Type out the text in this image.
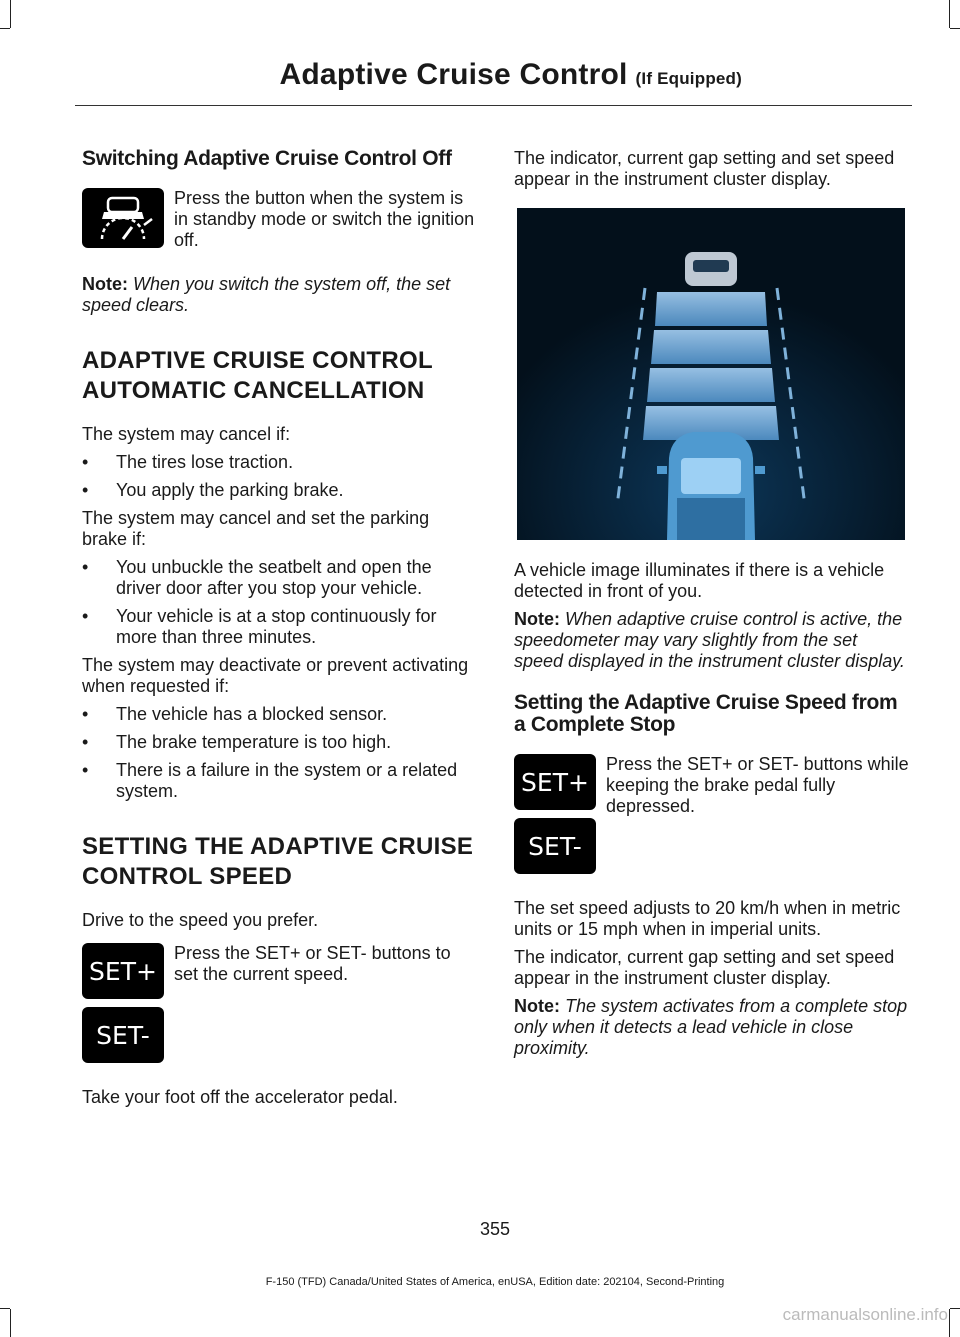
Adaptive Cruise Control (If Equipped)
Switching Adaptive Cruise Control Off

Press the button when the system is in standby mode or switch the ignition off.

Note: When you switch the system off, the set speed clears.

ADAPTIVE CRUISE CONTROL AUTOMATIC CANCELLATION

The system may cancel if:

• The tires lose traction.
• You apply the parking brake.

The system may cancel and set the parking brake if:

• You unbuckle the seatbelt and open the driver door after you stop your vehicle.
• Your vehicle is at a stop continuously for more than three minutes.

The system may deactivate or prevent activating when requested if:

• The vehicle has a blocked sensor.
• The brake temperature is too high.
• There is a failure in the system or a related system.
SETTING THE ADAPTIVE CRUISE CONTROL SPEED

Drive to the speed you prefer.

SET+
SET-

Press the SET+ or SET- buttons to set the current speed.

Take your foot off the accelerator pedal.

The indicator, current gap setting and set speed appear in the instrument cluster display.

A vehicle image illuminates if there is a vehicle detected in front of you.

Note: When adaptive cruise control is active, the speedometer may vary slightly from the set speed displayed in the instrument cluster display.

Setting the Adaptive Cruise Speed from a Complete Stop
SET+
SET-

Press the SET+ or SET- buttons while keeping the brake pedal fully depressed.

The set speed adjusts to 20 km/h when in metric units or 15 mph when in imperial units.

The indicator, current gap setting and set speed appear in the instrument cluster display.

Note: The system activates from a complete stop only when it detects a lead vehicle in close proximity.

355
F-150 (TFD) Canada/United States of America, enUSA, Edition date: 202104, Second-Printing
carmanualsonline.info
